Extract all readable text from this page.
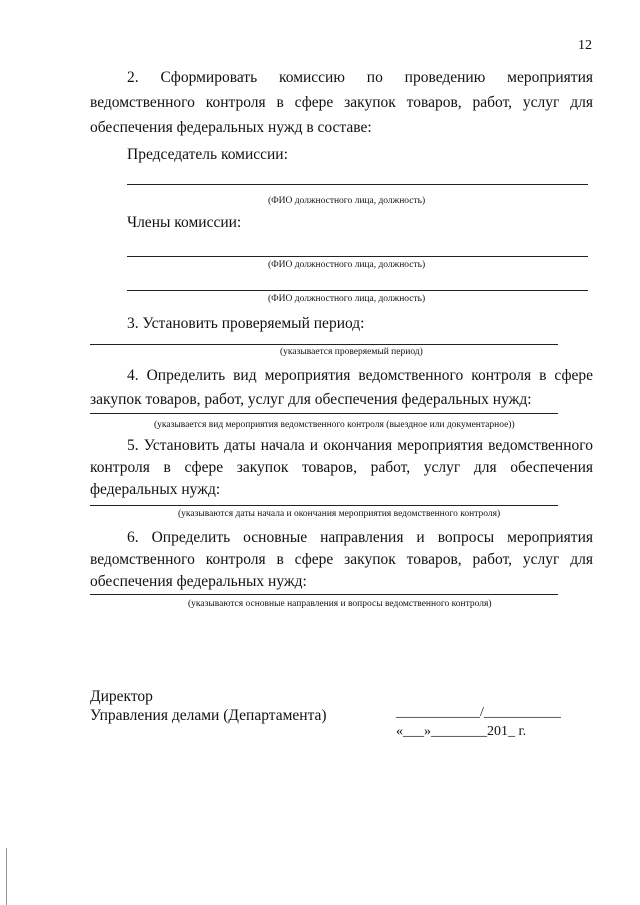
12
2. Сформировать комиссию по проведению мероприятия
ведомственного контроля в сфере закупок товаров, работ, услуг для
обеспечения федеральных нужд в составе:
Председатель комиссии:
(ФИО должностного лица, должность)
Члены комиссии:
(ФИО должностного лица, должность)
(ФИО должностного лица, должность)
3. Установить проверяемый период:
(указывается проверяемый период)
4. Определить вид мероприятия ведомственного контроля в сфере
закупок товаров, работ, услуг для обеспечения федеральных нужд:
(указывается вид мероприятия ведомственного контроля (выездное или документарное))
5. Установить даты начала и окончания мероприятия ведомственного
контроля в сфере закупок товаров, работ, услуг для обеспечения
федеральных нужд:
(указываются даты начала и окончания мероприятия ведомственного контроля)
6. Определить основные направления и вопросы мероприятия
ведомственного контроля в сфере закупок товаров, работ, услуг для
обеспечения федеральных нужд:
(указываются основные направления и вопросы ведомственного контроля)
Директор
Управления делами (Департамента)	____________/___________
«___»________201_ г.
